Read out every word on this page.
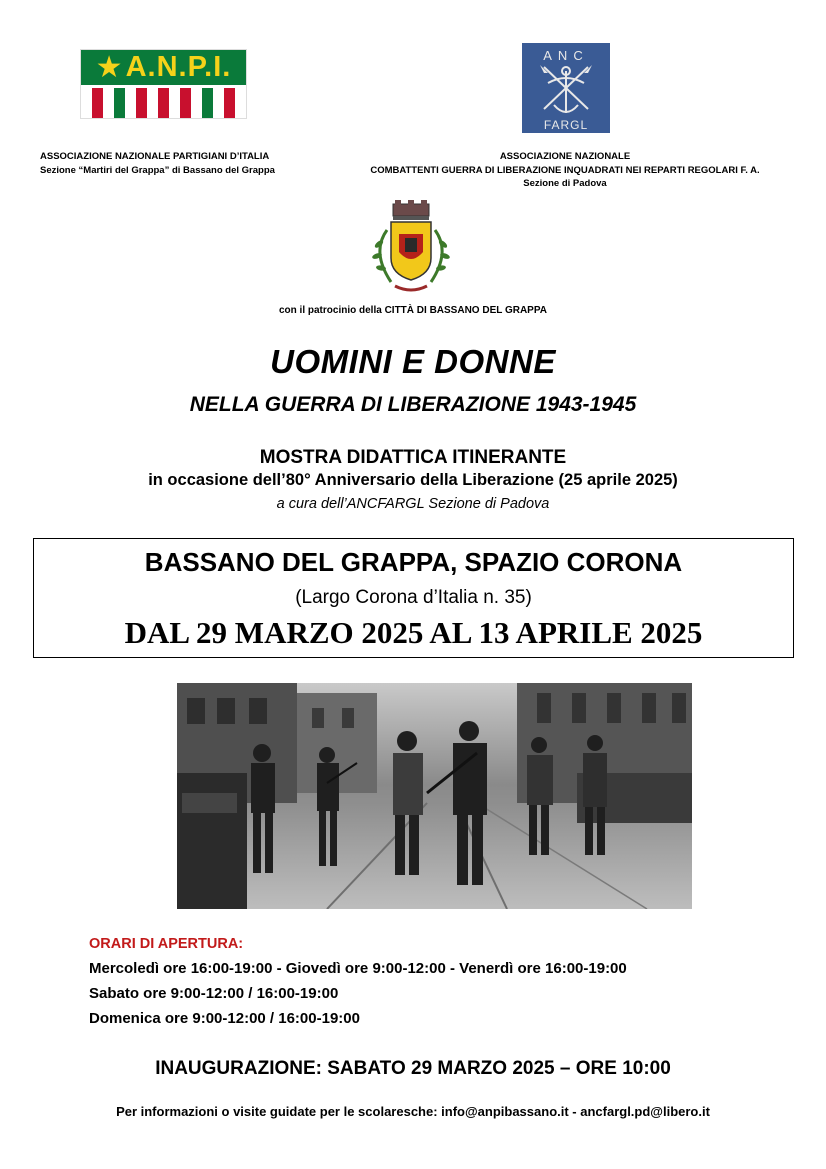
★ A.N.P.I.	ANC
FARGL
ASSOCIAZIONE NAZIONALE PARTIGIANI D’ITALIA
Sezione “Martiri del Grappa” di Bassano del Grappa
ASSOCIAZIONE NAZIONALE
COMBATTENTI GUERRA DI LIBERAZIONE INQUADRATI NEI REPARTI REGOLARI F. A.
Sezione di Padova
con il patrocinio della CITTÀ DI BASSANO DEL GRAPPA
UOMINI E DONNE
NELLA GUERRA DI LIBERAZIONE 1943-1945
MOSTRA DIDATTICA ITINERANTE
in occasione dell’80° Anniversario della Liberazione (25 aprile 2025)
a cura dell’ANCFARGL Sezione di Padova
BASSANO DEL GRAPPA, SPAZIO CORONA
(Largo Corona d’Italia n. 35)
DAL 29 MARZO 2025 AL 13 APRILE 2025
ORARI DI APERTURA:
Mercoledì ore 16:00-19:00 - Giovedì ore 9:00-12:00 - Venerdì ore 16:00-19:00
Sabato ore 9:00-12:00 / 16:00-19:00
Domenica ore 9:00-12:00 / 16:00-19:00
INAUGURAZIONE: SABATO 29 MARZO 2025 – ORE 10:00
Per informazioni o visite guidate per le scolaresche: info@anpibassano.it - ancfargl.pd@libero.it
